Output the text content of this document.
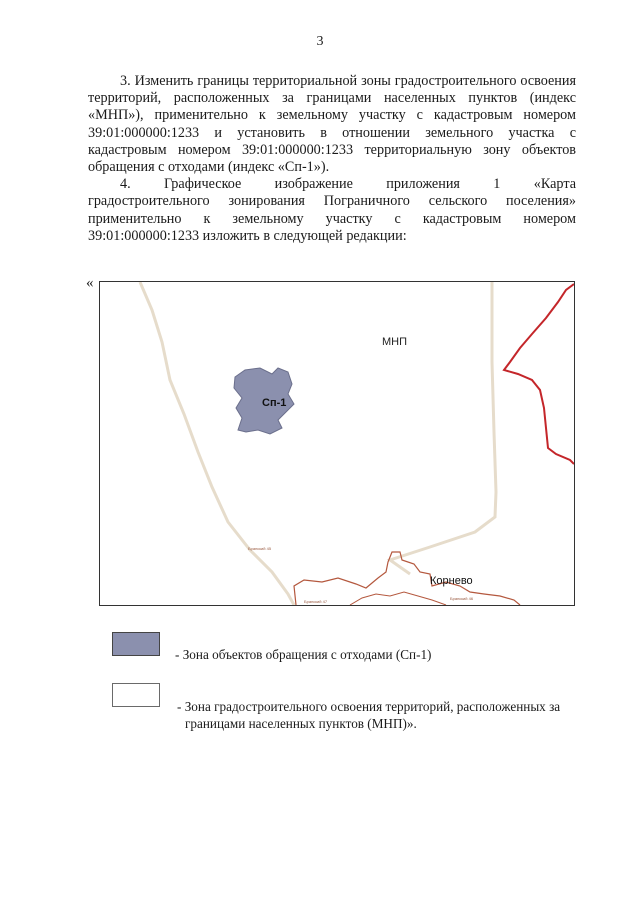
3

3. Изменить границы территориальной зоны градостроительного освоения территорий, расположенных за границами населенных пунктов (индекс «МНП»), применительно к земельному участку с кадастровым номером 39:01:000000:1233 и установить в отношении земельного участка с кадастровым номером 39:01:000000:1233 территориальную зону объектов обращения с отходами (индекс «Сп-1»).

4. Графическое изображение приложения 1 «Карта

градостроительного зонирования Пограничного сельского поселения»

применительно к земельному участку с кадастровым номером

39:01:000000:1233 изложить в следующей редакции:

«
МНП
Сп-1
Корнево
Бранский 45
Бранский 47
Бранский 46
- Зона объектов обращения с отходами (Сп-1)
- Зона градостроительного освоения территорий, расположенных за
границами населенных пунктов (МНП)».
